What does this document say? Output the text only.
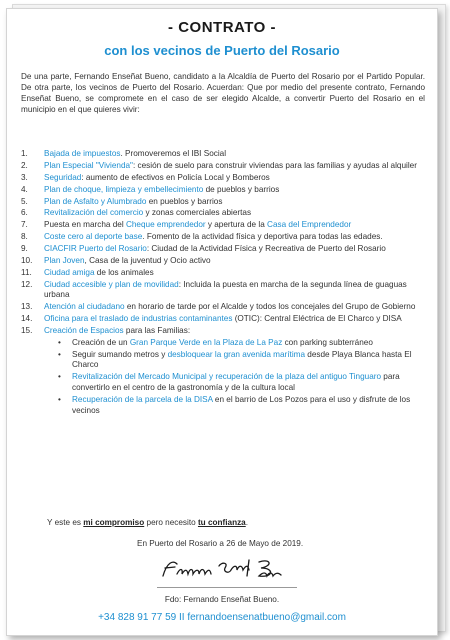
- CONTRATO -
con los vecinos de Puerto del Rosario
De una parte, Fernando Enseñat Bueno, candidato a la Alcaldía de Puerto del Rosario por el Partido Popular. De otra parte, los vecinos de Puerto del Rosario. Acuerdan: Que por medio del presente contrato, Fernando Enseñat Bueno, se compromete en el caso de ser elegido Alcalde, a convertir Puerto del Rosario en el municipio en el que quieres vivir:
1. Bajada de impuestos. Promoveremos el IBI Social
2. Plan Especial "Vivienda": cesión de suelo para construir viviendas para las familias y ayudas al alquiler
3. Seguridad: aumento de efectivos en Policía Local y Bomberos
4. Plan de choque, limpieza y embellecimiento de pueblos y barrios
5. Plan de Asfalto y Alumbrado en pueblos y barrios
6. Revitalización del comercio y zonas comerciales abiertas
7. Puesta en marcha del Cheque emprendedor y apertura de la Casa del Emprendedor
8. Coste cero al deporte base. Fomento de la actividad física y deportiva para todas las edades.
9. CIACFIR Puerto del Rosario: Ciudad de la Actividad Física y Recreativa de Puerto del Rosario
10. Plan Joven, Casa de la juventud y Ocio activo
11. Ciudad amiga de los animales
12. Ciudad accesible y plan de movilidad: Incluida la puesta en marcha de la segunda línea de guaguas urbana
13. Atención al ciudadano en horario de tarde por el Alcalde y todos los concejales del Grupo de Gobierno
14. Oficina para el traslado de industrias contaminantes (OTIC): Central Eléctrica de El Charco y DISA
15. Creación de Espacios para las Familias:
• Creación de un Gran Parque Verde en la Plaza de La Paz con parking subterráneo
• Seguir sumando metros y desbloquear la gran avenida marítima desde Playa Blanca hasta El Charco
• Revitalización del Mercado Municipal y recuperación de la plaza del antiguo Tinguaro para convertirlo en el centro de la gastronomía y de la cultura local
• Recuperación de la parcela de la DISA en el barrio de Los Pozos para el uso y disfrute de los vecinos
Y este es mi compromiso pero necesito tu confianza.
En Puerto del Rosario a 26 de Mayo de 2019.
Fdo: Fernando Enseñat Bueno.
+34 828 91 77 59 II fernandoensenatbueno@gmail.com
